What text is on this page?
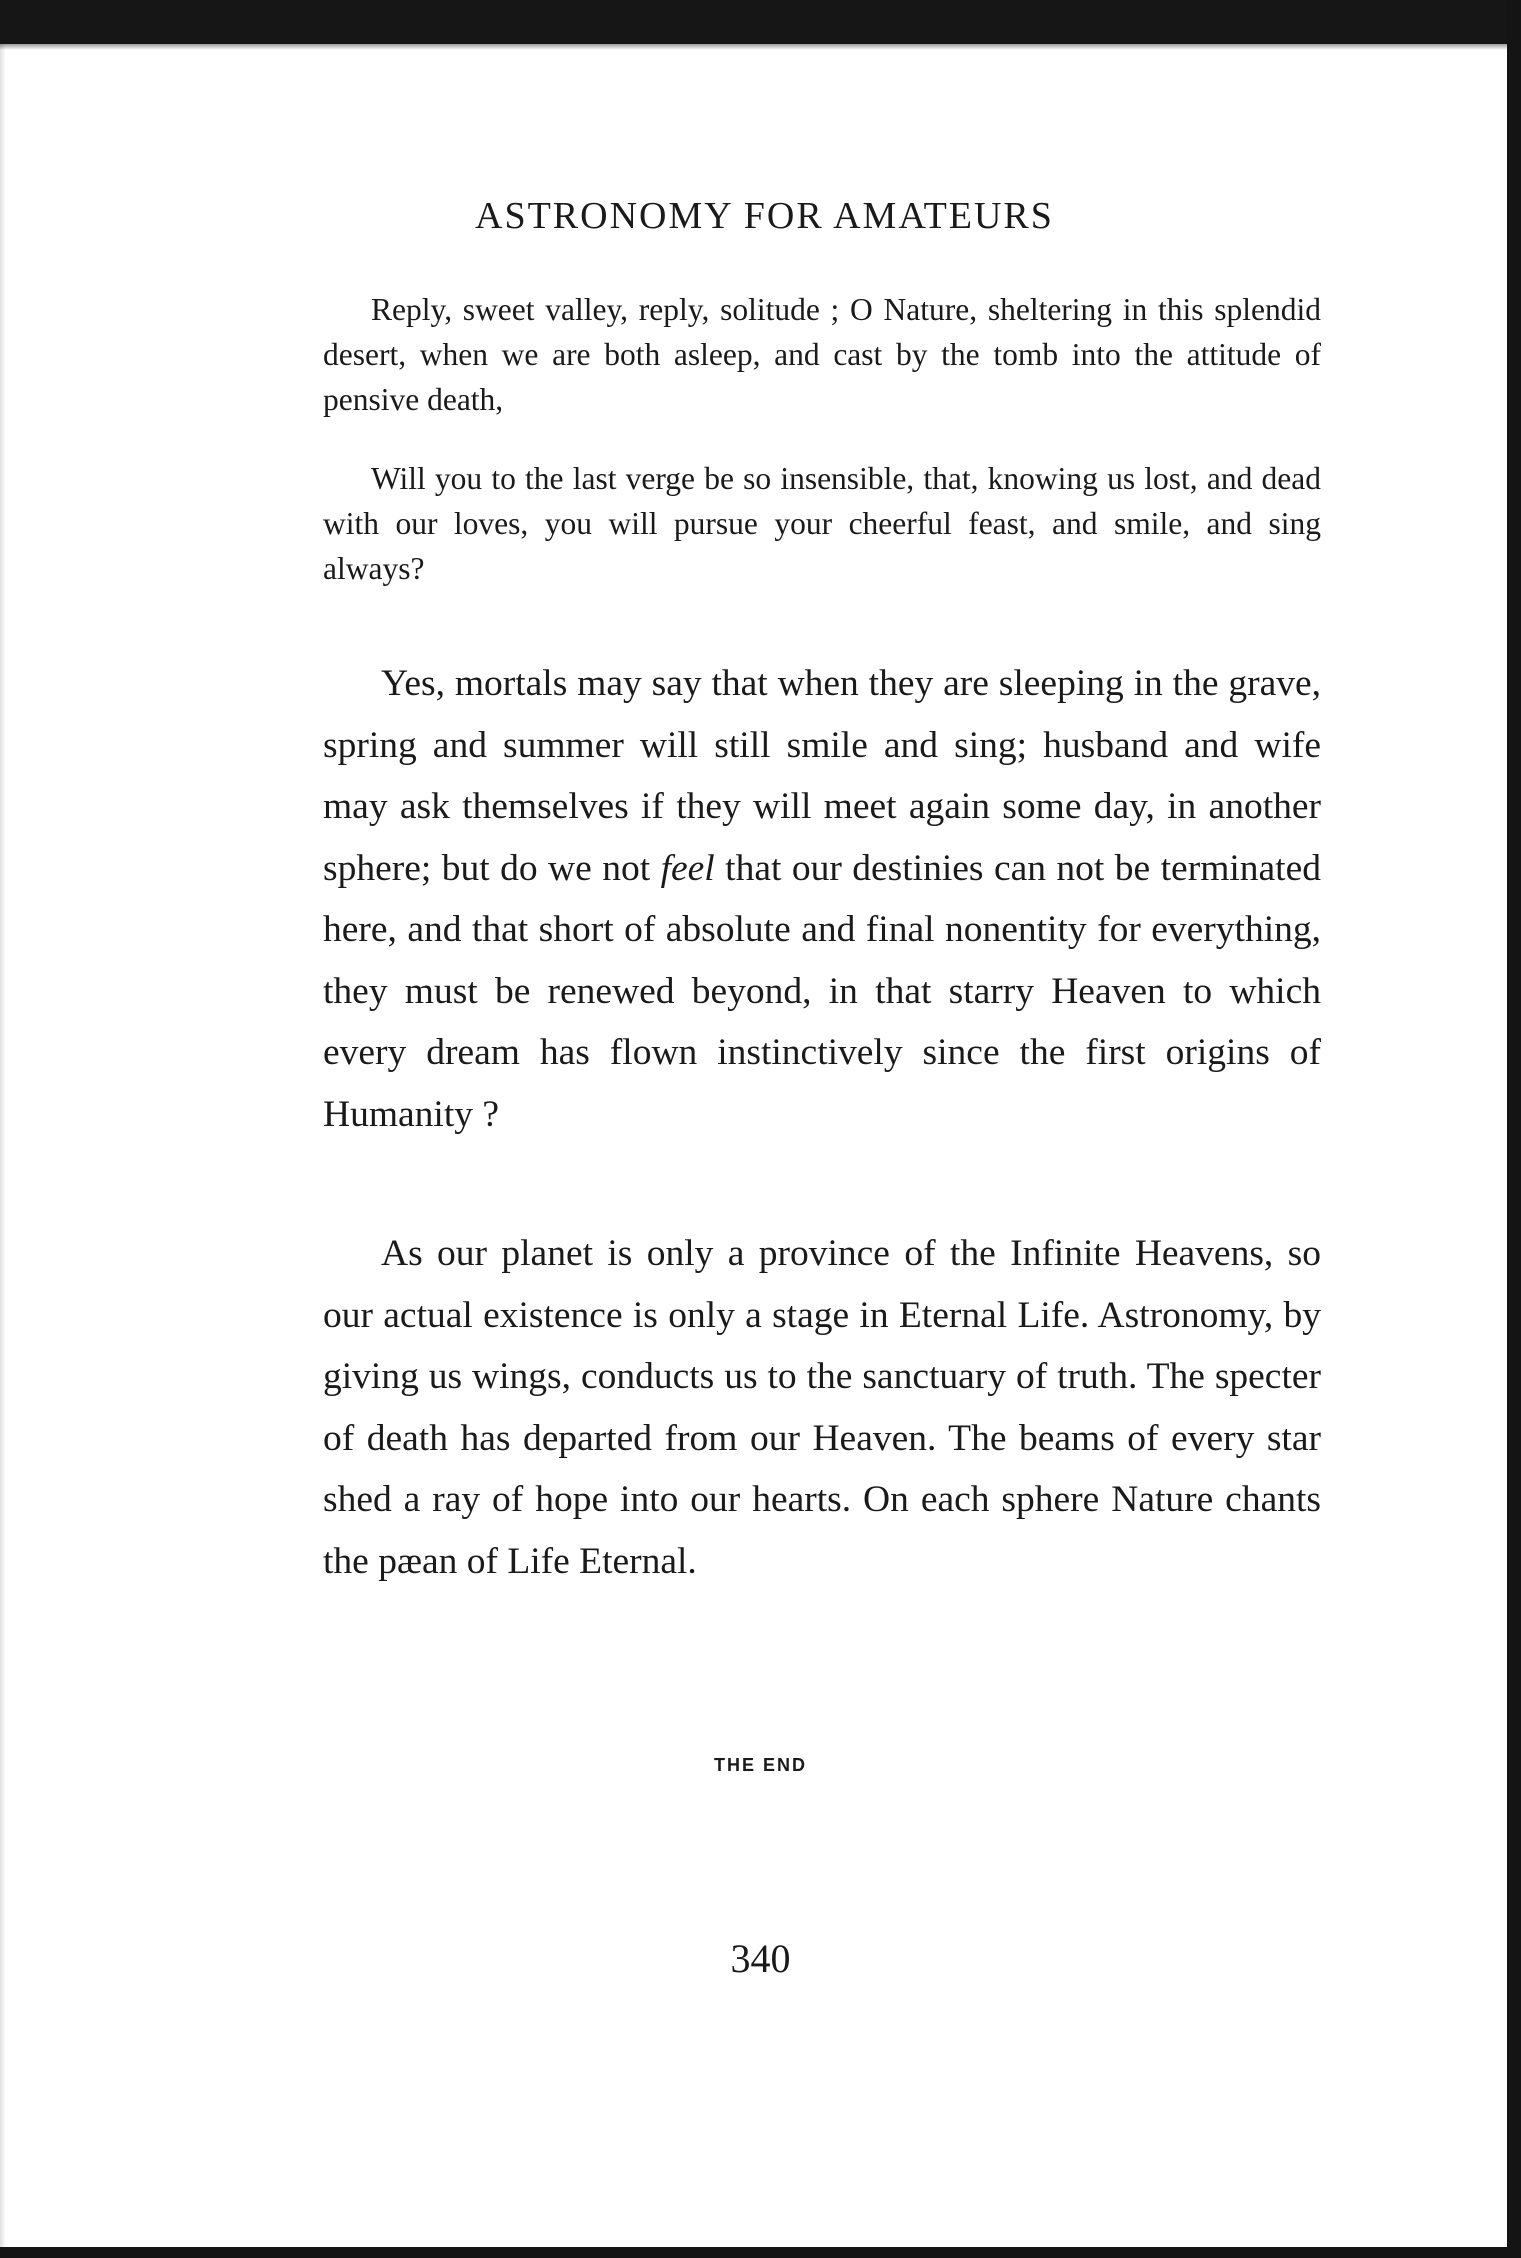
ASTRONOMY FOR AMATEURS

Reply, sweet valley, reply, solitude ; O Nature, sheltering in this splendid desert, when we are both asleep, and cast by the tomb into the attitude of pensive death,

Will you to the last verge be so insensible, that, knowing us lost, and dead with our loves, you will pursue your cheerful feast, and smile, and sing always?

Yes, mortals may say that when they are sleeping in the grave, spring and summer will still smile and sing; husband and wife may ask themselves if they will meet again some day, in another sphere; but do we not feel that our destinies can not be terminated here, and that short of absolute and final nonentity for everything, they must be renewed beyond, in that starry Heaven to which every dream has flown instinctively since the first origins of Humanity ?

As our planet is only a province of the Infinite Heavens, so our actual existence is only a stage in Eternal Life. Astronomy, by giving us wings, conducts us to the sanctuary of truth. The specter of death has departed from our Heaven. The beams of every star shed a ray of hope into our hearts. On each sphere Nature chants the pæan of Life Eternal.

THE END
340
